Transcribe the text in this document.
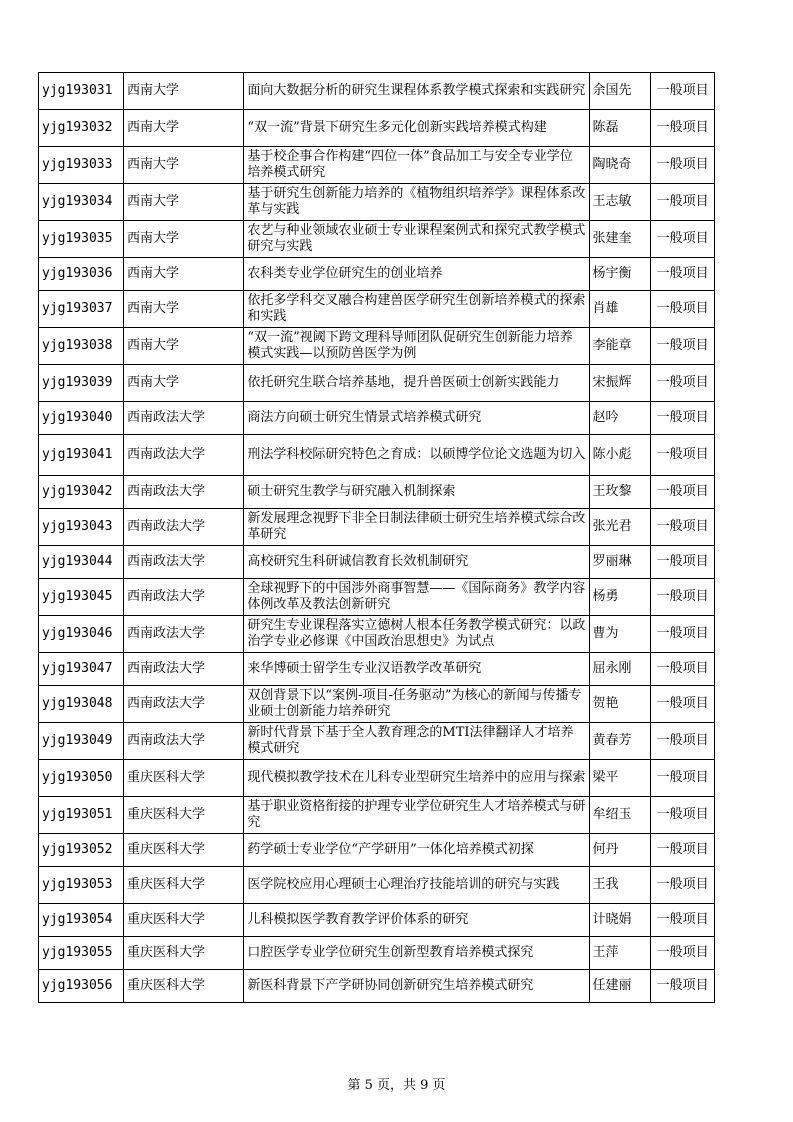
yjg193031	西南大学	面向大数据分析的研究生课程体系教学模式探索和实践研究	余国先	一般项目

yjg193032	西南大学	“双一流”背景下研究生多元化创新实践培养模式构建	陈磊	一般项目

yjg193033	西南大学	基于校企事合作构建“四位一体”食品加工与安全专业学位培养模式研究	陶晓奇	一般项目

yjg193034	西南大学	基于研究生创新能力培养的《植物组织培养学》课程体系改革与实践	王志敏	一般项目

yjg193035	西南大学	农艺与种业领域农业硕士专业课程案例式和探究式教学模式研究与实践	张建奎	一般项目

yjg193036	西南大学	农科类专业学位研究生的创业培养	杨宇衡	一般项目

yjg193037	西南大学	依托多学科交叉融合构建兽医学研究生创新培养模式的探索和实践	肖雄	一般项目

yjg193038	西南大学	“双一流”视阈下跨文理科导师团队促研究生创新能力培养模式实践—以预防兽医学为例	李能章	一般项目

yjg193039	西南大学	依托研究生联合培养基地，提升兽医硕士创新实践能力	宋振辉	一般项目

yjg193040	西南政法大学	商法方向硕士研究生情景式培养模式研究	赵吟	一般项目

yjg193041	西南政法大学	刑法学科校际研究特色之育成：以硕博学位论文选题为切入	陈小彪	一般项目

yjg193042	西南政法大学	硕士研究生教学与研究融入机制探索	王玫黎	一般项目

yjg193043	西南政法大学	新发展理念视野下非全日制法律硕士研究生培养模式综合改革研究	张光君	一般项目

yjg193044	西南政法大学	高校研究生科研诚信教育长效机制研究	罗丽琳	一般项目

yjg193045	西南政法大学	全球视野下的中国涉外商事智慧——《国际商务》教学内容体例改革及教法创新研究	杨勇	一般项目

yjg193046	西南政法大学	研究生专业课程落实立德树人根本任务教学模式研究：以政治学专业必修课《中国政治思想史》为试点	曹为	一般项目

yjg193047	西南政法大学	来华博硕士留学生专业汉语教学改革研究	屈永刚	一般项目

yjg193048	西南政法大学	双创背景下以“案例-项目-任务驱动”为核心的新闻与传播专业硕士创新能力培养研究	贺艳	一般项目

yjg193049	西南政法大学	新时代背景下基于全人教育理念的MTI法律翻译人才培养模式研究	黄春芳	一般项目

yjg193050	重庆医科大学	现代模拟教学技术在儿科专业型研究生培养中的应用与探索	梁平	一般项目

yjg193051	重庆医科大学	基于职业资格衔接的护理专业学位研究生人才培养模式与研究	牟绍玉	一般项目

yjg193052	重庆医科大学	药学硕士专业学位“产学研用”一体化培养模式初探	何丹	一般项目

yjg193053	重庆医科大学	医学院校应用心理硕士心理治疗技能培训的研究与实践	王我	一般项目

yjg193054	重庆医科大学	儿科模拟医学教育教学评价体系的研究	计晓娟	一般项目

yjg193055	重庆医科大学	口腔医学专业学位研究生创新型教育培养模式探究	王萍	一般项目

yjg193056	重庆医科大学	新医科背景下产学研协同创新研究生培养模式研究	任建丽	一般项目
第 5 页，共 9 页
